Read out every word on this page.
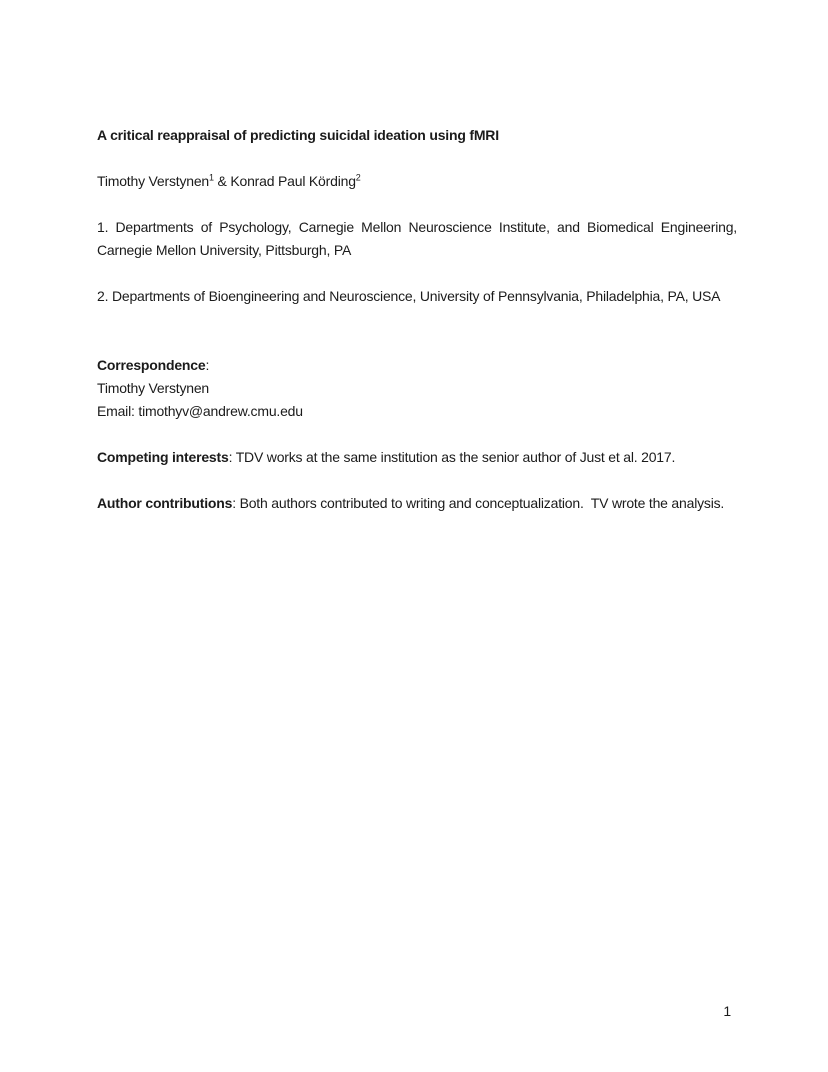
A critical reappraisal of predicting suicidal ideation using fMRI

Timothy Verstynen$^1$ & Konrad Paul Körding$^2$

1. Departments of Psychology, Carnegie Mellon Neuroscience Institute, and Biomedical Engineering, Carnegie Mellon University, Pittsburgh, PA

2. Departments of Bioengineering and Neuroscience, University of Pennsylvania, Philadelphia, PA, USA

Correspondence:

Timothy Verstynen

Email: timothyv@andrew.cmu.edu

Competing interests: TDV works at the same institution as the senior author of Just et al. 2017.

Author contributions: Both authors contributed to writing and conceptualization.  TV wrote the analysis.

1
